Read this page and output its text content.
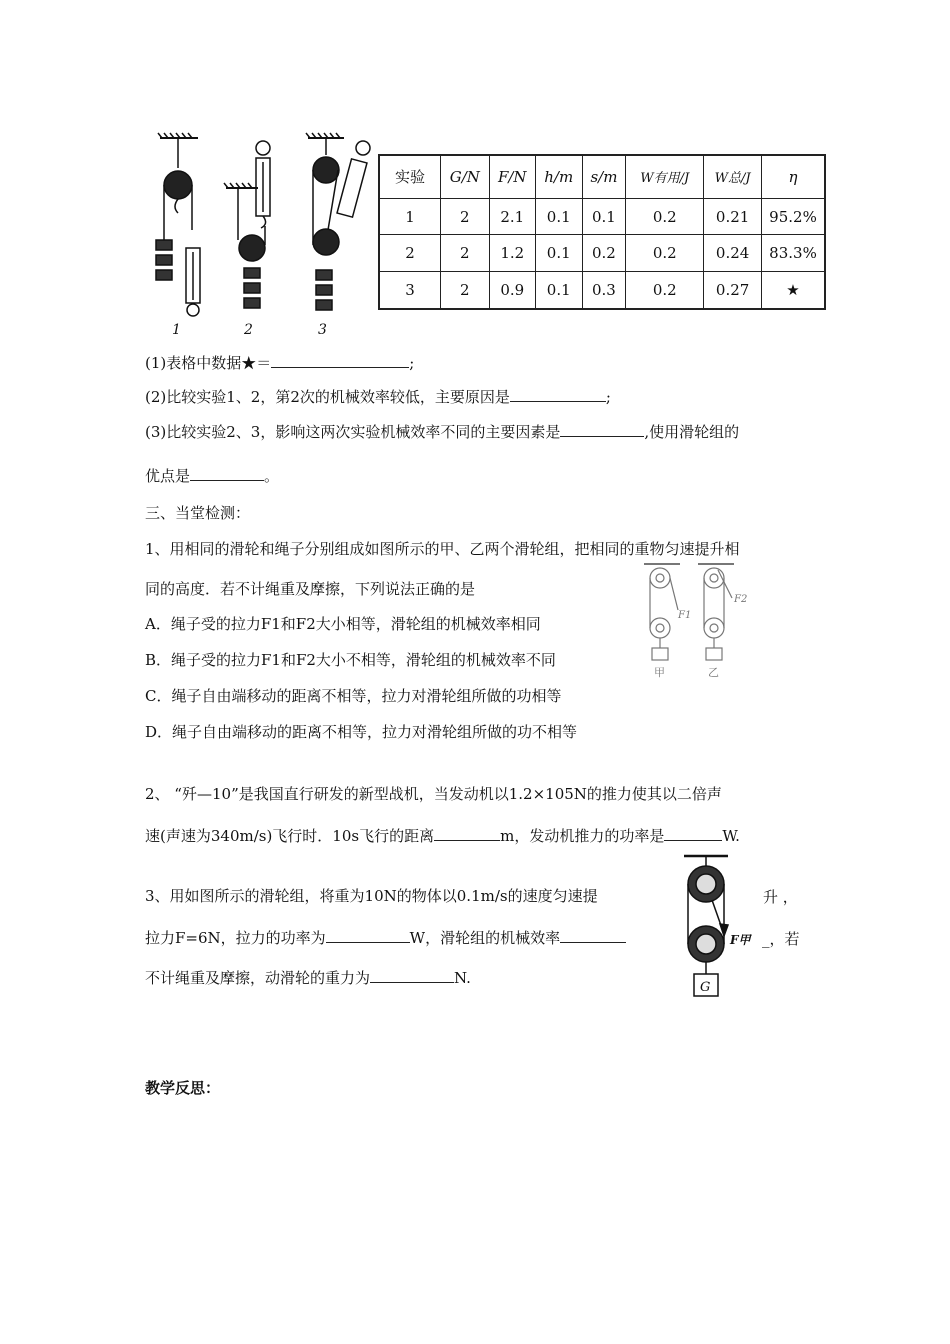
1	2	3
实验	G/N	F/N	h/m	s/m	W有用/J	W总/J	η
1	2	2.1	0.1	0.1	0.2	0.21	95.2%
2	2	1.2	0.1	0.2	0.2	0.24	83.3%
3	2	0.9	0.1	0.3	0.2	0.27	★
(1)表格中数据★＝	;
(2)比较实验1、2，第2次的机械效率较低，主要原因是	;
(3)比较实验2、3，影响这两次实验机械效率不同的主要因素是	,使用滑轮组的
优点是	。
三、当堂检测：
1、用相同的滑轮和绳子分别组成如图所示的甲、乙两个滑轮组，把相同的重物匀速提升相
同的高度．若不计绳重及摩擦，下列说法正确的是
A．绳子受的拉力F1和F2大小相等，滑轮组的机械效率相同
B．绳子受的拉力F1和F2大小不相等，滑轮组的机械效率不同
C．绳子自由端移动的距离不相等，拉力对滑轮组所做的功相等
D．绳子自由端移动的距离不相等，拉力对滑轮组所做的功不相等
F1
F2
甲	乙
2、 “歼—10”是我国直行研发的新型战机，当发动机以1.2×105N的推力使其以二倍声
速(声速为340m/s)飞行时．10s飞行的距离	m，发动机推力的功率是	W.
3、用如图所示的滑轮组，将重为10N的物体以0.1m/s的速度匀速提	升 ，
拉力F=6N，拉力的功率为	W，滑轮组的机械效率	_，若
不计绳重及摩擦，动滑轮的重力为	N.
F甲
G
教学反思：
